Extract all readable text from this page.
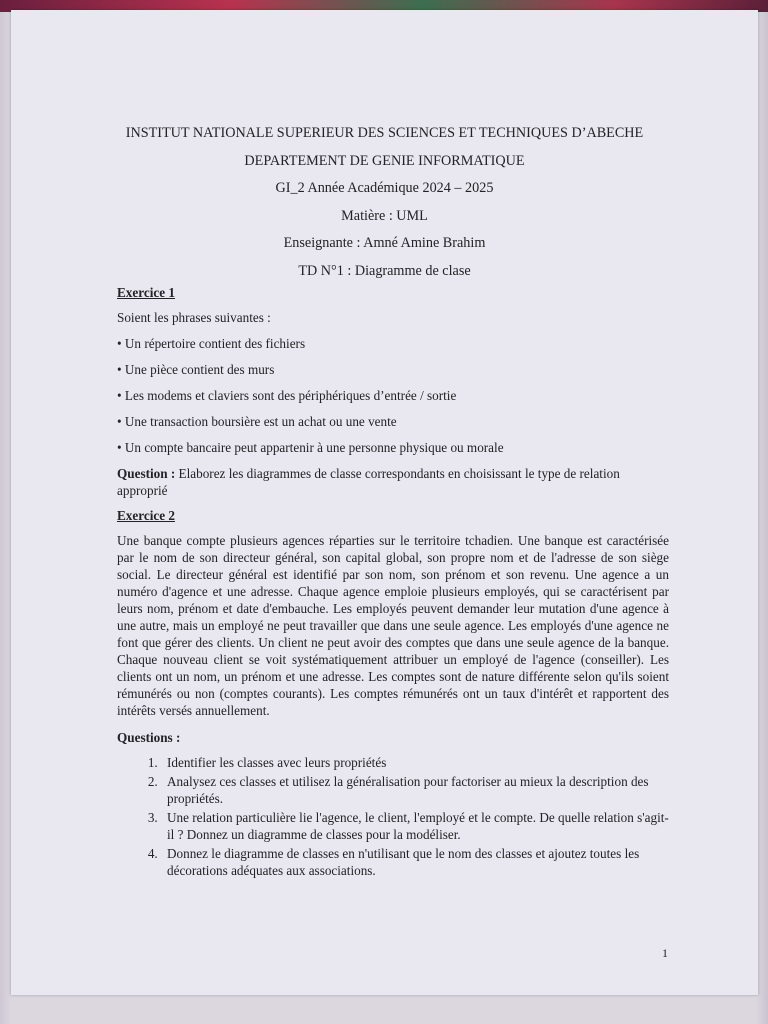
INSTITUT NATIONALE SUPERIEUR DES SCIENCES ET TECHNIQUES D’ABECHE
DEPARTEMENT DE GENIE INFORMATIQUE
GI_2 Année Académique 2024 – 2025
Matière : UML
Enseignante : Amné Amine Brahim
TD N°1 : Diagramme de clase
Exercice 1
Soient les phrases suivantes :
• Un répertoire contient des fichiers
• Une pièce contient des murs
• Les modems et claviers sont des périphériques d’entrée / sortie
• Une transaction boursière est un achat ou une vente
• Un compte bancaire peut appartenir à une personne physique ou morale
Question : Elaborez les diagrammes de classe correspondants en choisissant le type de relation approprié
Exercice 2
Une banque compte plusieurs agences réparties sur le territoire tchadien. Une banque est caractérisée par le nom de son directeur général, son capital global, son propre nom et de l'adresse de son siège social. Le directeur général est identifié par son nom, son prénom et son revenu. Une agence a un numéro d'agence et une adresse. Chaque agence emploie plusieurs employés, qui se caractérisent par leurs nom, prénom et date d'embauche. Les employés peuvent demander leur mutation d'une agence à une autre, mais un employé ne peut travailler que dans une seule agence. Les employés d'une agence ne font que gérer des clients. Un client ne peut avoir des comptes que dans une seule agence de la banque. Chaque nouveau client se voit systématiquement attribuer un employé de l'agence (conseiller). Les clients ont un nom, un prénom et une adresse. Les comptes sont de nature différente selon qu'ils soient rémunérés ou non (comptes courants). Les comptes rémunérés ont un taux d'intérêt et rapportent des intérêts versés annuellement.
Questions :
1. Identifier les classes avec leurs propriétés
2. Analysez ces classes et utilisez la généralisation pour factoriser au mieux la description des propriétés.
3. Une relation particulière lie l'agence, le client, l'employé et le compte. De quelle relation s'agit-il ? Donnez un diagramme de classes pour la modéliser.
4. Donnez le diagramme de classes en n'utilisant que le nom des classes et ajoutez toutes les décorations adéquates aux associations.
1
